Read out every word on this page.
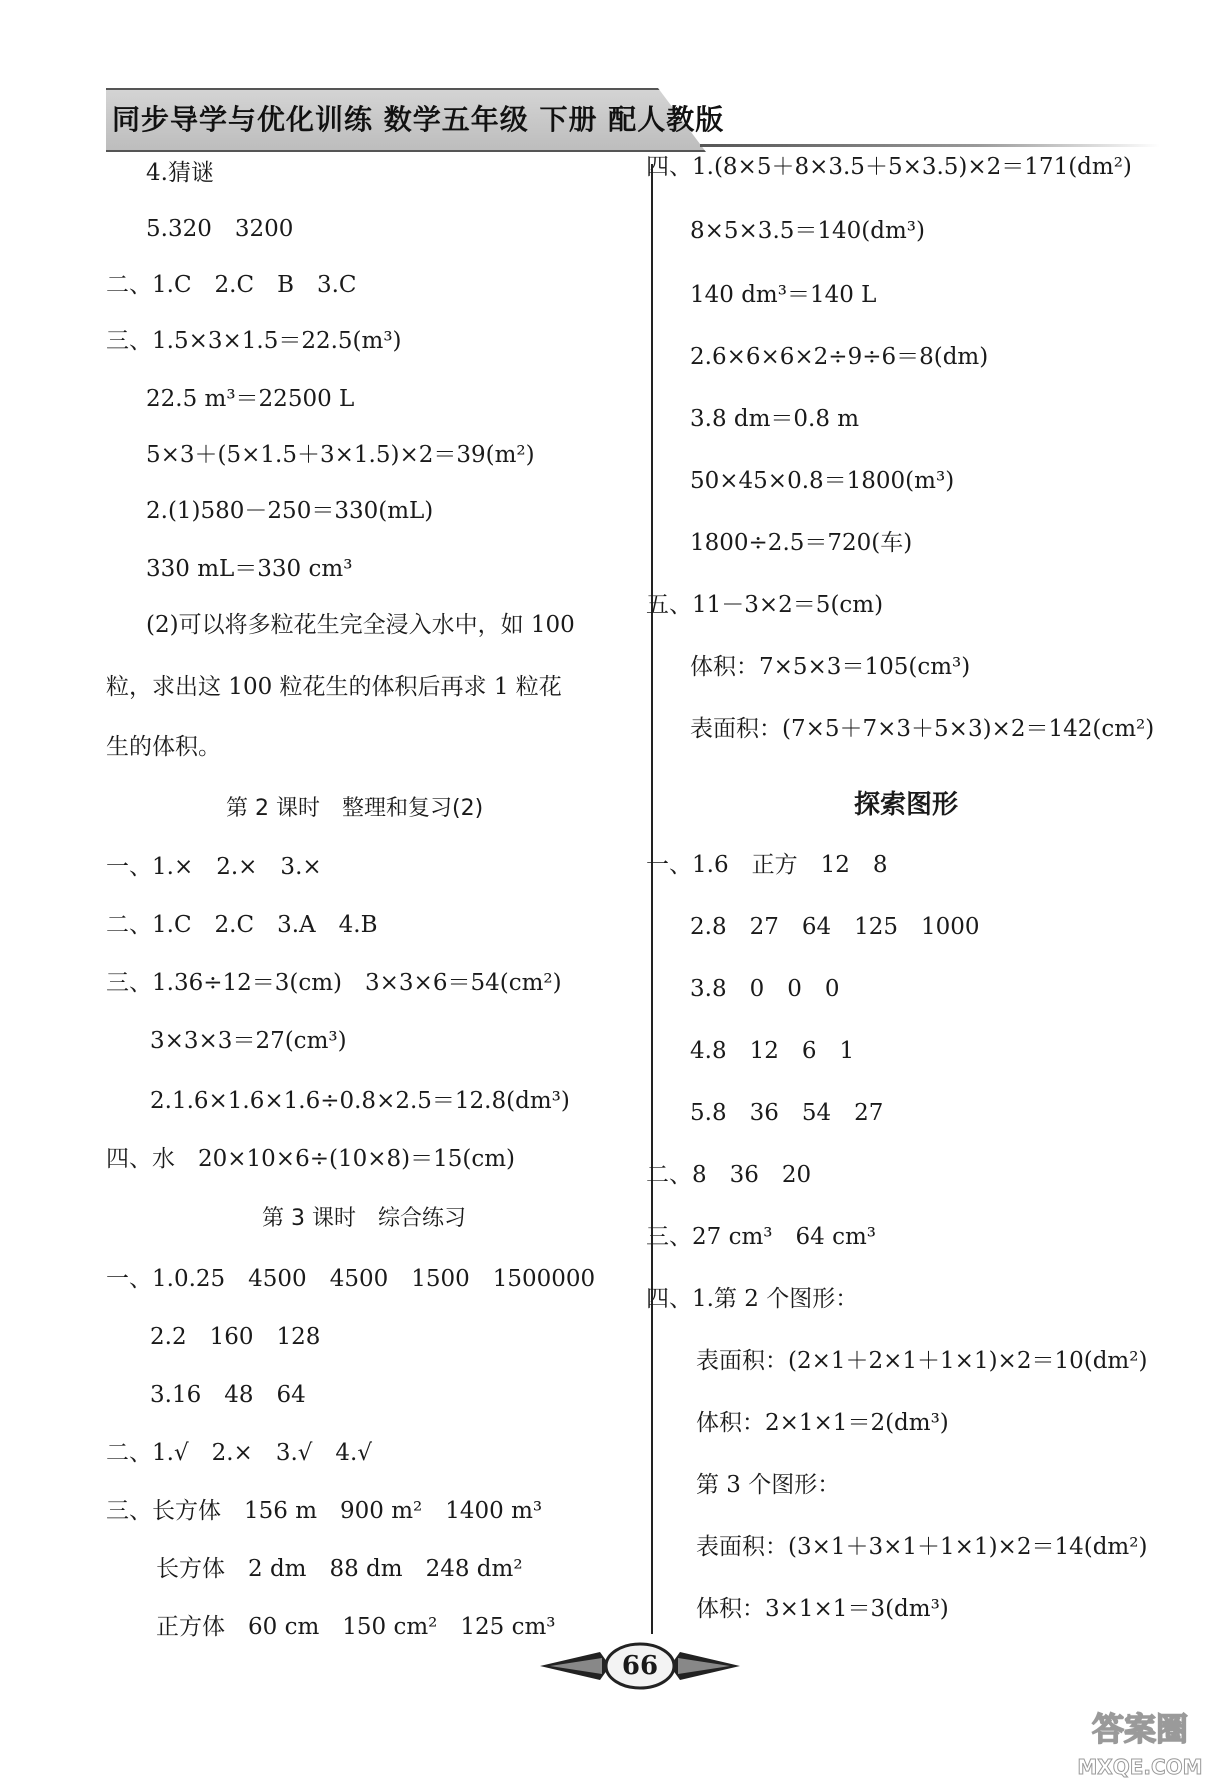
同步导学与优化训练 数学五年级 下册 配人教版
4.猜谜
5.320　3200
二、1.C　2.C　B　3.C
三、1.5×3×1.5＝22.5(m³)
22.5 m³＝22500 L
5×3＋(5×1.5＋3×1.5)×2＝39(m²)
2.(1)580－250＝330(mL)
330 mL＝330 cm³
(2)可以将多粒花生完全浸入水中，如 100
粒，求出这 100 粒花生的体积后再求 1 粒花
生的体积。
第 2 课时　整理和复习(2)
一、1.×　2.×　3.×
二、1.C　2.C　3.A　4.B
三、1.36÷12＝3(cm)　3×3×6＝54(cm²)
3×3×3＝27(cm³)
2.1.6×1.6×1.6÷0.8×2.5＝12.8(dm³)
四、水　20×10×6÷(10×8)＝15(cm)
第 3 课时　综合练习
一、1.0.25　4500　4500　1500　1500000
2.2　160　128
3.16　48　64
二、1.√　2.×　3.√　4.√
三、长方体　156 m　900 m²　1400 m³
长方体　2 dm　88 dm　248 dm²
正方体　60 cm　150 cm²　125 cm³
四、1.(8×5＋8×3.5＋5×3.5)×2＝171(dm²)
8×5×3.5＝140(dm³)
140 dm³＝140 L
2.6×6×6×2÷9÷6＝8(dm)
3.8 dm＝0.8 m
50×45×0.8＝1800(m³)
1800÷2.5＝720(车)
五、11－3×2＝5(cm)
体积：7×5×3＝105(cm³)
表面积：(7×5＋7×3＋5×3)×2＝142(cm²)
探索图形
一、1.6　正方　12　8
2.8　27　64　125　1000
3.8　0　0　0
4.8　12　6　1
5.8　36　54　27
二、8　36　20
三、27 cm³　64 cm³
四、1.第 2 个图形：
表面积：(2×1＋2×1＋1×1)×2＝10(dm²)
体积：2×1×1＝2(dm³)
第 3 个图形：
表面积：(3×1＋3×1＋1×1)×2＝14(dm²)
体积：3×1×1＝3(dm³)
66
答案圈
MXQE.COM
